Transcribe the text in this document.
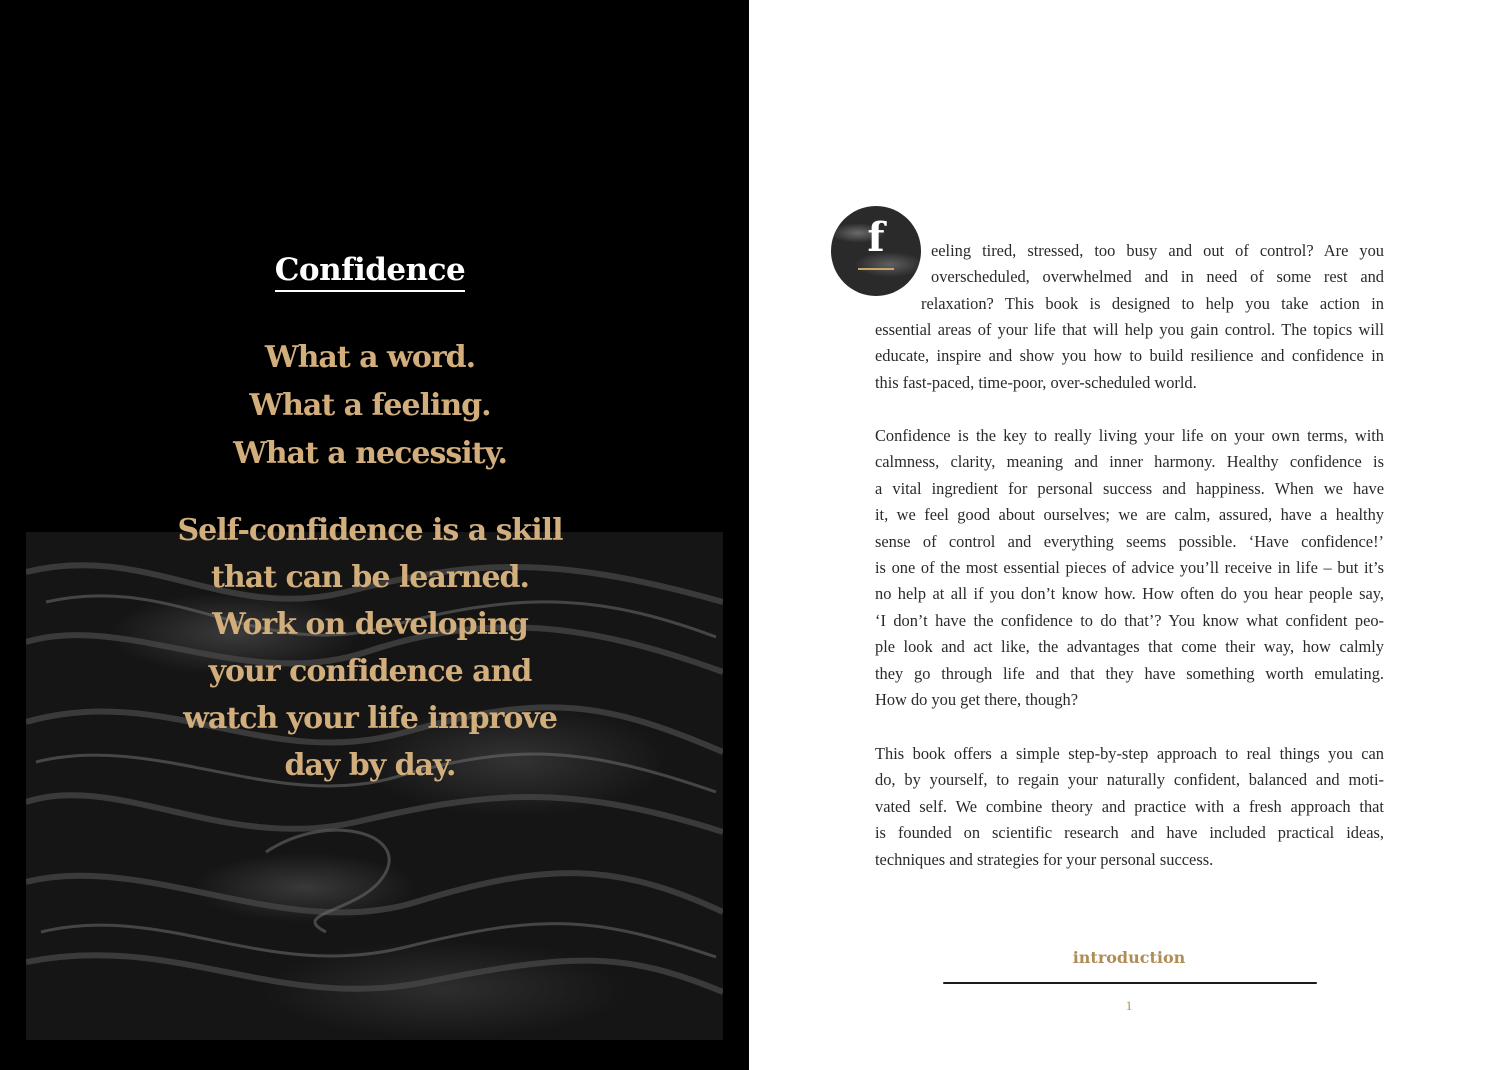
Confidence
What a word.
What a feeling.
What a necessity.
Self-confidence is a skill
that can be learned.
Work on developing
your confidence and
watch your life improve
day by day.
f	eeling tired, stressed, too busy and out of control? Are you
overscheduled, overwhelmed and in need of some rest and
relaxation? This book is designed to help you take action in
essential areas of your life that will help you gain control. The topics will
educate, inspire and show you how to build resilience and confidence in
this fast-paced, time-poor, over-scheduled world.
Confidence is the key to really living your life on your own terms, with
calmness, clarity, meaning and inner harmony. Healthy confidence is
a vital ingredient for personal success and happiness. When we have
it, we feel good about ourselves; we are calm, assured, have a healthy
sense of control and everything seems possible. ‘Have confidence!’
is one of the most essential pieces of advice you’ll receive in life – but it’s
no help at all if you don’t know how. How often do you hear people say,
‘I don’t have the confidence to do that’? You know what confident peo-
ple look and act like, the advantages that come their way, how calmly
they go through life and that they have something worth emulating.
How do you get there, though?
This book offers a simple step-by-step approach to real things you can
do, by yourself, to regain your naturally confident, balanced and moti-
vated self. We combine theory and practice with a fresh approach that
is founded on scientific research and have included practical ideas,
techniques and strategies for your personal success.
introduction
1
